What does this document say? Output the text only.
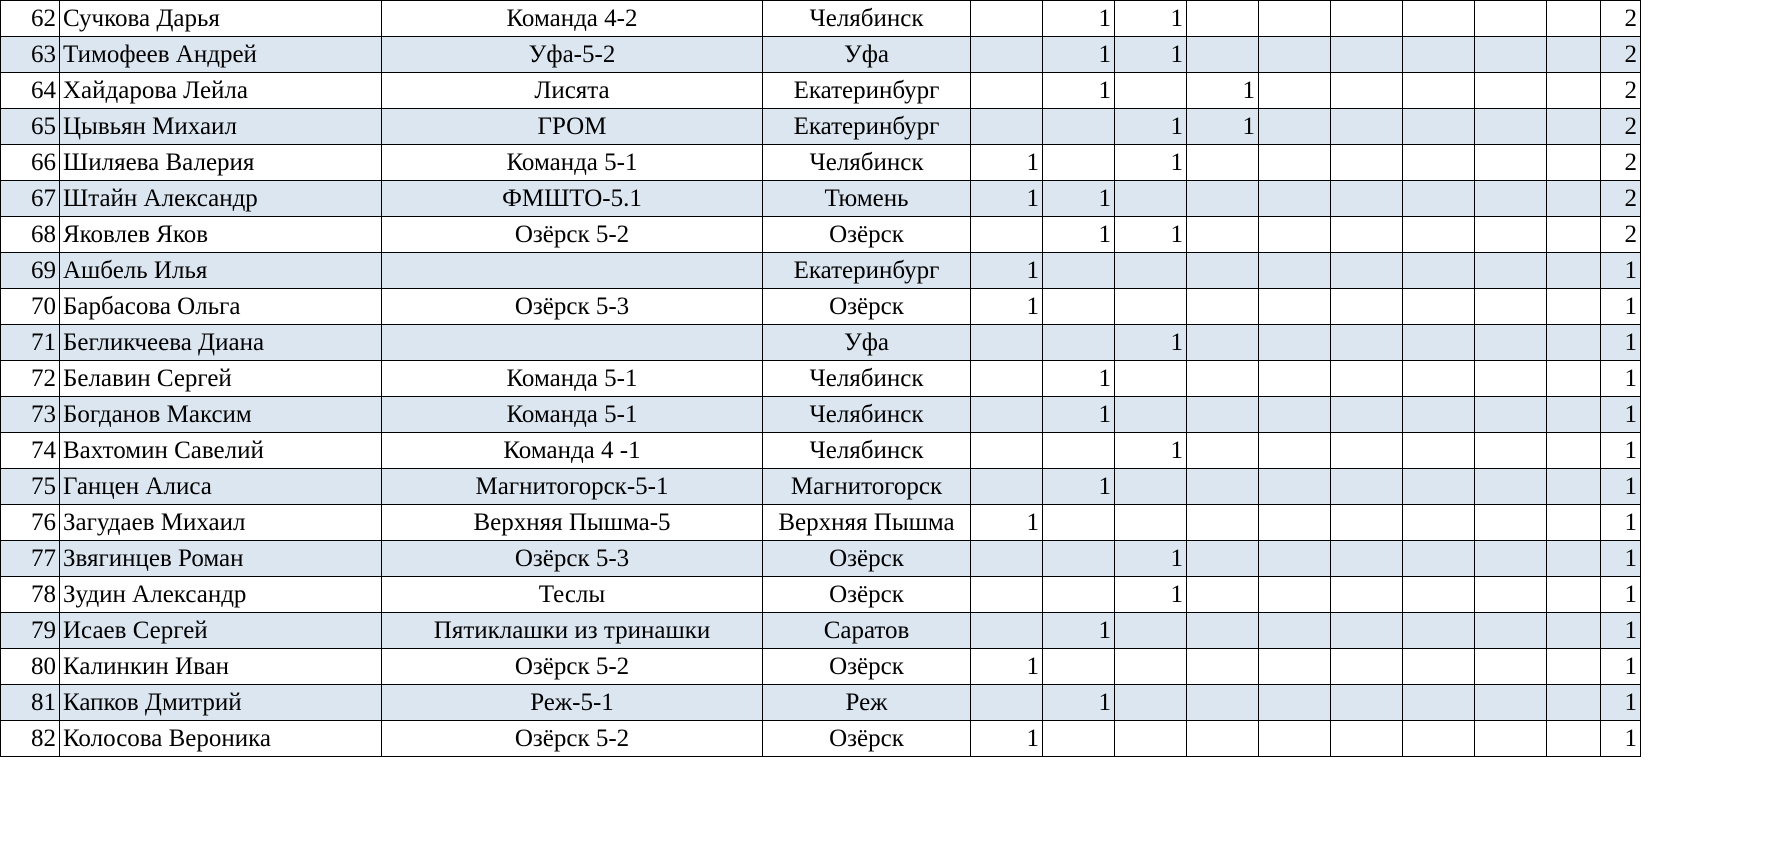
62	Сучкова Дарья	Команда 4-2	Челябинск		1	1							2
63	Тимофеев Андрей	Уфа-5-2	Уфа		1	1							2
64	Хайдарова Лейла	Лисята	Екатеринбург		1		1						2
65	Цывьян Михаил	ГРОМ	Екатеринбург			1	1						2
66	Шиляева Валерия	Команда 5-1	Челябинск	1		1							2
67	Штайн Александр	ФМШТО-5.1	Тюмень	1	1								2
68	Яковлев Яков	Озёрск 5-2	Озёрск		1	1							2
69	Ашбель Илья		Екатеринбург	1									1
70	Барбасова Ольга	Озёрск 5-3	Озёрск	1									1
71	Бегликчеева Диана		Уфа			1							1
72	Белавин Сергей	Команда 5-1	Челябинск		1								1
73	Богданов Максим	Команда 5-1	Челябинск		1								1
74	Вахтомин Савелий	Команда 4 -1	Челябинск			1							1
75	Ганцен Алиса	Магнитогорск-5-1	Магнитогорск		1								1
76	Загудаев Михаил	Верхняя Пышма-5	Верхняя Пышма	1									1
77	Звягинцев Роман	Озёрск 5-3	Озёрск			1							1
78	Зудин Александр	Теслы	Озёрск			1							1
79	Исаев Сергей	Пятиклашки из тринашки	Саратов		1								1
80	Калинкин Иван	Озёрск 5-2	Озёрск	1									1
81	Капков Дмитрий	Реж-5-1	Реж		1								1
82	Колосова Вероника	Озёрск 5-2	Озёрск	1									1
